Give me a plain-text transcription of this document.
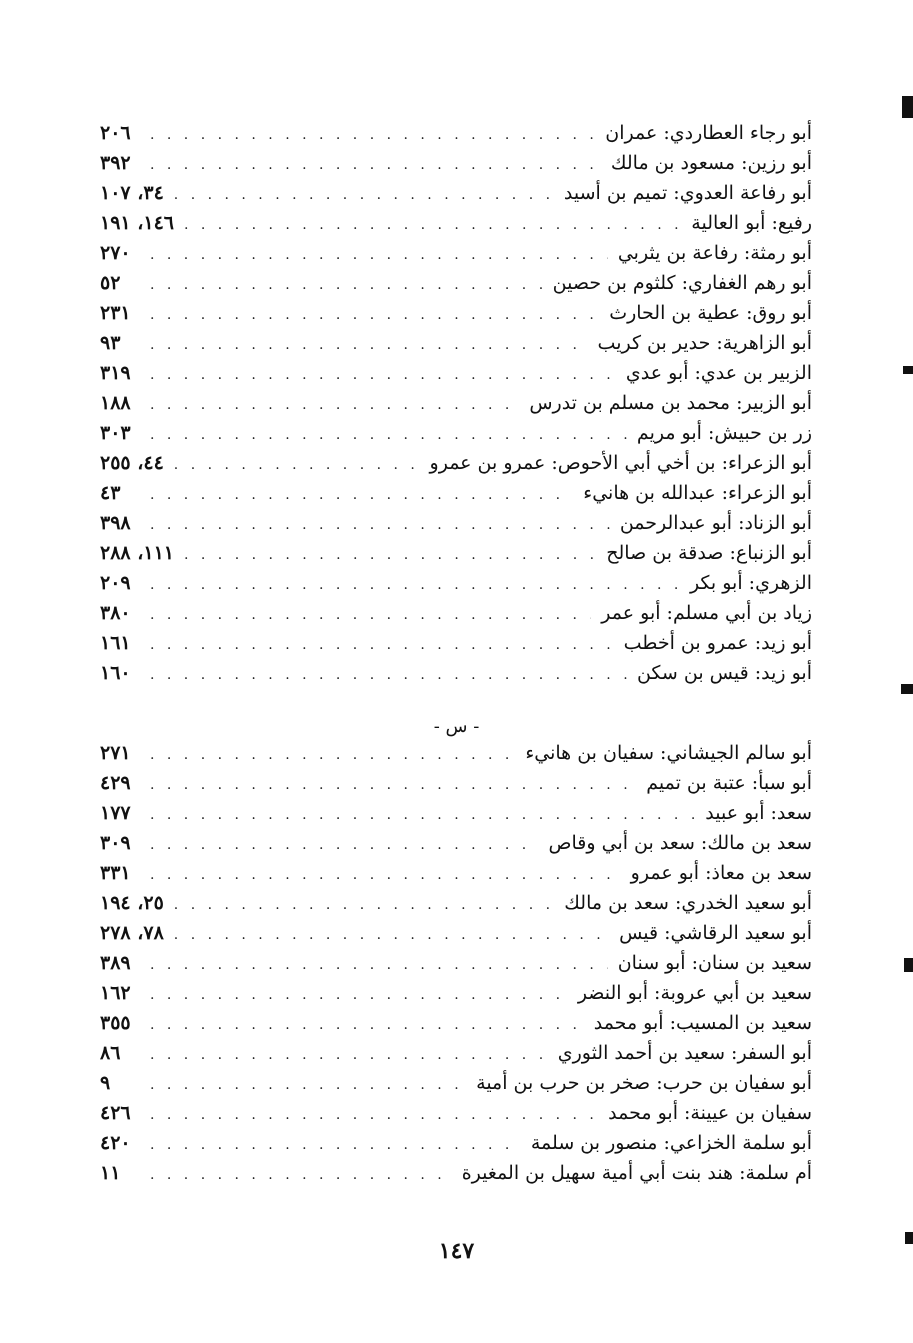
أبو رجاء العطاردي: عمران
. . .
٢٠٦
أبو رزين: مسعود بن مالك
. . .
٣٩٢
أبو رفاعة العدوي: تميم بن أسيد
. . .
٣٤، ١٠٧
رفيع: أبو العالية
. . .
١٤٦، ١٩١
أبو رمثة: رفاعة بن يثربي
. . .
٢٧٠
أبو رهم الغفاري: كلثوم بن حصين
. . .
٥٢
أبو روق: عطية بن الحارث
. . .
٢٣١
أبو الزاهرية: حدير بن كريب
. . .
٩٣
الزبير بن عدي: أبو عدي
. . .
٣١٩
أبو الزبير: محمد بن مسلم بن تدرس
. . .
١٨٨
زر بن حبيش: أبو مريم
. . .
٣٠٣
أبو الزعراء: بن أخي أبي الأحوص: عمرو بن عمرو
. . .
٤٤، ٢٥٥
أبو الزعراء: عبدالله بن هانيء
. . .
٤٣
أبو الزناد: أبو عبدالرحمن
. . .
٣٩٨
أبو الزنباع: صدقة بن صالح
. . .
١١١، ٢٨٨
الزهري: أبو بكر
. . .
٢٠٩
زياد بن أبي مسلم: أبو عمر
. . .
٣٨٠
أبو زيد: عمرو بن أخطب
. . .
١٦١
أبو زيد: قيس بن سكن
. . .
١٦٠
- س -
أبو سالم الجيشاني: سفيان بن هانيء
. . .
٢٧١
أبو سبأ: عتبة بن تميم
. . .
٤٢٩
سعد: أبو عبيد
. . .
١٧٧
سعد بن مالك: سعد بن أبي وقاص
. . .
٣٠٩
سعد بن معاذ: أبو عمرو
. . .
٣٣١
أبو سعيد الخدري: سعد بن مالك
. . .
٢٥، ١٩٤
أبو سعيد الرقاشي: قيس
. . .
٧٨، ٢٧٨
سعيد بن سنان: أبو سنان
. . .
٣٨٩
سعيد بن أبي عروبة: أبو النضر
. . .
١٦٢
سعيد بن المسيب: أبو محمد
. . .
٣٥٥
أبو السفر: سعيد بن أحمد الثوري
. . .
٨٦
أبو سفيان بن حرب: صخر بن حرب بن أمية
. . .
٩
سفيان بن عيينة: أبو محمد
. . .
٤٢٦
أبو سلمة الخزاعي: منصور بن سلمة
. . .
٤٢٠
أم سلمة: هند بنت أبي أمية سهيل بن المغيرة
. . .
١١
١٤٧
